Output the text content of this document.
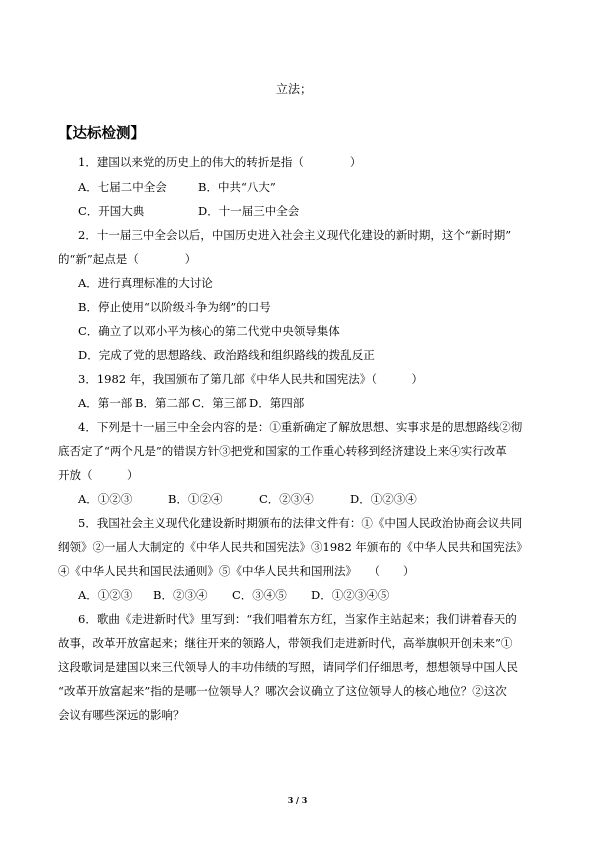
立法；
【达标检测】
1．建国以来党的历史上的伟大的转折是指（　　　　）
A．七届二中全会	B．中共“八大”
C．开国大典	D．十一届三中全会
2．十一届三中全会以后，中国历史进入社会主义现代化建设的新时期，这个“新时期”
的“新”起点是（　　　　）
A．进行真理标准的大讨论
B．停止使用“以阶级斗争为纲”的口号
C．确立了以邓小平为核心的第二代党中央领导集体
D．完成了党的思想路线、政治路线和组织路线的拨乱反正
3．1982 年，我国颁布了第几部《中华人民共和国宪法》（　　　）
A．第一部 B．第二部 C．第三部 D．第四部
4．下列是十一届三中全会内容的是：①重新确定了解放思想、实事求是的思想路线②彻
底否定了“两个凡是”的错误方针③把党和国家的工作重心转移到经济建设上来④实行改革
开放（　　　）
A．①②③	B．①②④	C．②③④	D．①②③④
5．我国社会主义现代化建设新时期颁布的法律文件有：①《中国人民政治协商会议共同
纲领》②一届人大制定的《中华人民共和国宪法》③1982 年颁布的《中华人民共和国宪法》
④《中华人民共和国民法通则》⑤《中华人民共和国刑法》　　（　　）
A．①②③	B．②③④	C．③④⑤	D．①②③④⑤
6．歌曲《走进新时代》里写到：“我们唱着东方红，当家作主站起来；我们讲着春天的
故事，改革开放富起来；继往开来的领路人，带领我们走进新时代，高举旗帜开创未来”①
这段歌词是建国以来三代领导人的丰功伟绩的写照，请同学们仔细思考，想想领导中国人民
“改革开放富起来”指的是哪一位领导人？哪次会议确立了这位领导人的核心地位？②这次
会议有哪些深远的影响？
3 / 3
